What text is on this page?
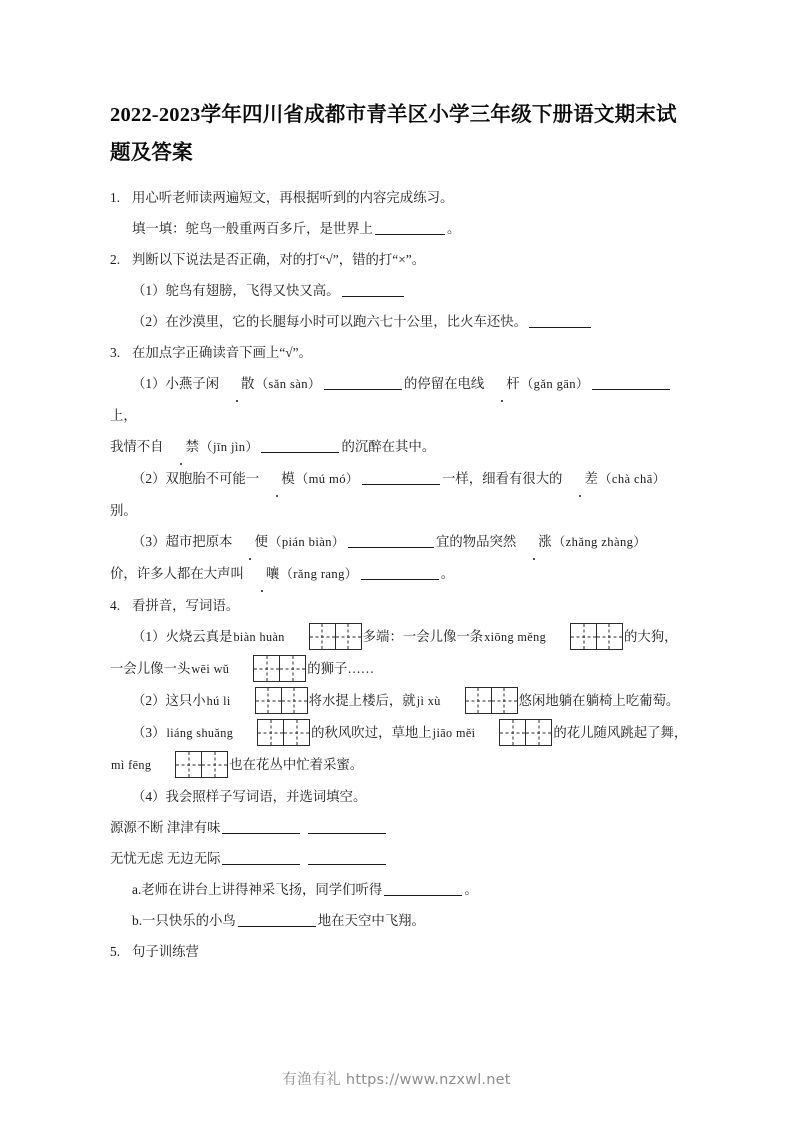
2022-2023学年四川省成都市青羊区小学三年级下册语文期末试题及答案
1. 用心听老师读两遍短文，再根据听到的内容完成练习。
填一填：鸵鸟一般重两百多斤，是世界上	。
2. 判断以下说法是否正确，对的打“√”，错的打“×”。
（1）鸵鸟有翅膀，飞得又快又高。
（2）在沙漠里，它的长腿每小时可以跑六七十公里，比火车还快。
3. 在加点字正确读音下画上“√”。
（1）小燕子闲 散（sǎn sàn）	的停留在电线 杆（gǎn gān）上，
我情不自 禁（jīn jìn）	的沉醉在其中。
（2）双胞胎不可能一 模（mú mó）	一样，细看有很大的 差（chà chā）
别。
（3）超市把原本 便（pián biàn）	宜的物品突然 涨（zhǎng zhàng）
价，许多人都在大声叫 嚷（rǎng rang）	。
4. 看拼音，写词语。
（1）火烧云真是biàn huàn	多端：一会儿像一条xiōng měng	的大狗，一会儿像一头wēi wǔ	的狮子……
（2）这只小hú li	将水提上楼后，就jì xù	悠闲地躺在躺椅上吃葡萄。
（3）liáng shuǎng	的秋风吹过，草地上jiāo měi	的花儿随风跳起了舞，mì fēng	也在花丛中忙着采蜜。
（4）我会照样子写词语，并选词填空。
源源不断 津津有味
无忧无虑 无边无际
a.老师在讲台上讲得神采飞扬，同学们听得	。
b.一只快乐的小鸟	地在天空中飞翔。
5. 句子训练营
有渔有礼 https://www.nzxwl.net
